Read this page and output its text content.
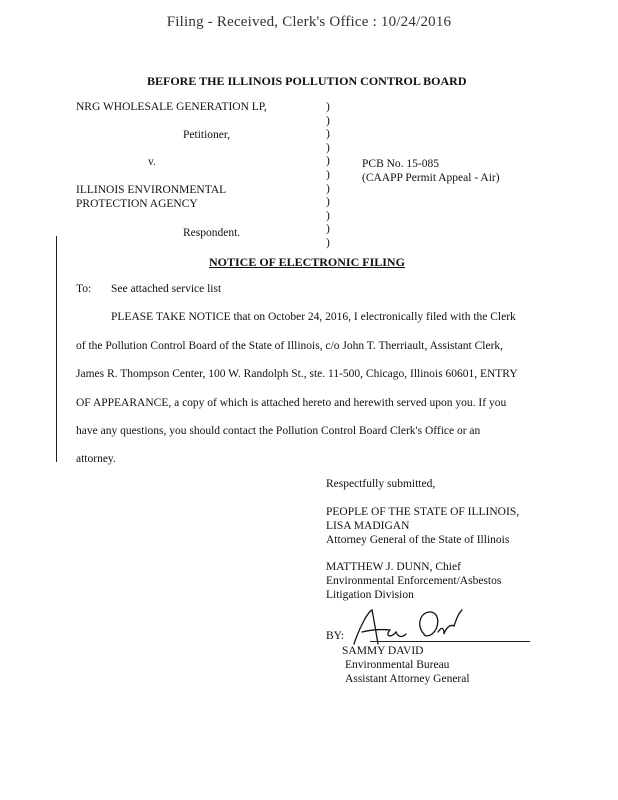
Filing - Received, Clerk's Office : 10/24/2016
BEFORE THE ILLINOIS POLLUTION CONTROL BOARD
NRG WHOLESALE GENERATION LP,
Petitioner,
v.
ILLINOIS ENVIRONMENTAL
PROTECTION AGENCY
Respondent.
)
)
)
)
)
)
)
)
)
)
)
PCB No. 15-085
(CAAPP Permit Appeal - Air)
NOTICE OF ELECTRONIC FILING
To: See attached service list
PLEASE TAKE NOTICE that on October 24, 2016, I electronically filed with the Clerk
of the Pollution Control Board of the State of Illinois, c/o John T. Therriault, Assistant Clerk,
James R. Thompson Center, 100 W. Randolph St., ste. 11-500, Chicago, Illinois 60601, ENTRY
OF APPEARANCE, a copy of which is attached hereto and herewith served upon you. If you
have any questions, you should contact the Pollution Control Board Clerk's Office or an
attorney.
Respectfully submitted,
PEOPLE OF THE STATE OF ILLINOIS,
LISA MADIGAN
Attorney General of the State of Illinois
MATTHEW J. DUNN, Chief
Environmental Enforcement/Asbestos
Litigation Division
BY:
SAMMY DAVID
Environmental Bureau
Assistant Attorney General
